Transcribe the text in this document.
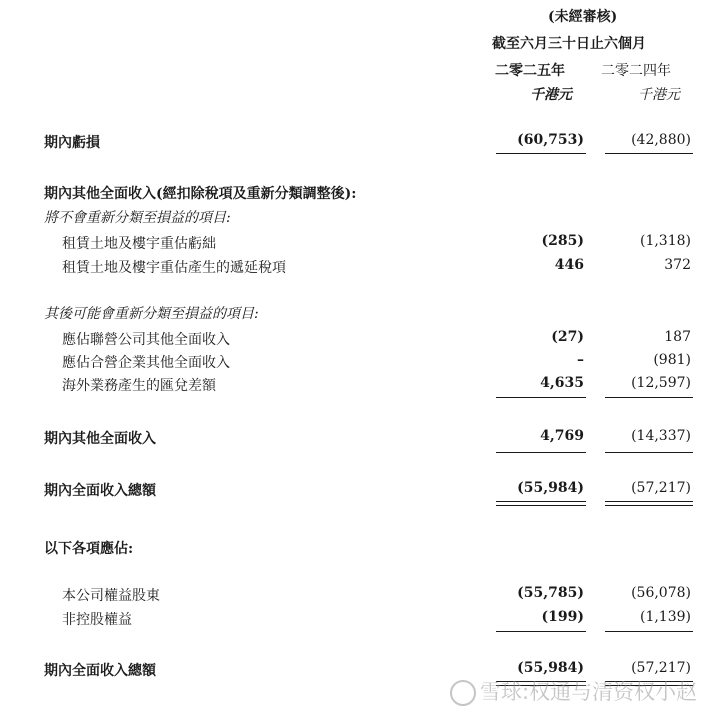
(未經審核)
截至六月三十日止六個月
二零二五年	二零二四年
千港元	千港元
期內虧損	(60,753)	(42,880)
期內其他全面收入(經扣除稅項及重新分類調整後):
將不會重新分類至損益的項目:
租賃土地及樓宇重估虧絀	(285)	(1,318)
租賃土地及樓宇重估產生的遞延稅項	446	372
其後可能會重新分類至損益的項目:
應佔聯營公司其他全面收入	(27)	187
應佔合營企業其他全面收入	–	(981)
海外業務產生的匯兌差額	4,635	(12,597)
期內其他全面收入	4,769	(14,337)
期內全面收入總額	(55,984)	(57,217)
以下各項應佔:
本公司權益股東	(55,785)	(56,078)
非控股權益	(199)	(1,139)
期內全面收入總額	(55,984)	(57,217)
雪球:权通与清资权小赵
